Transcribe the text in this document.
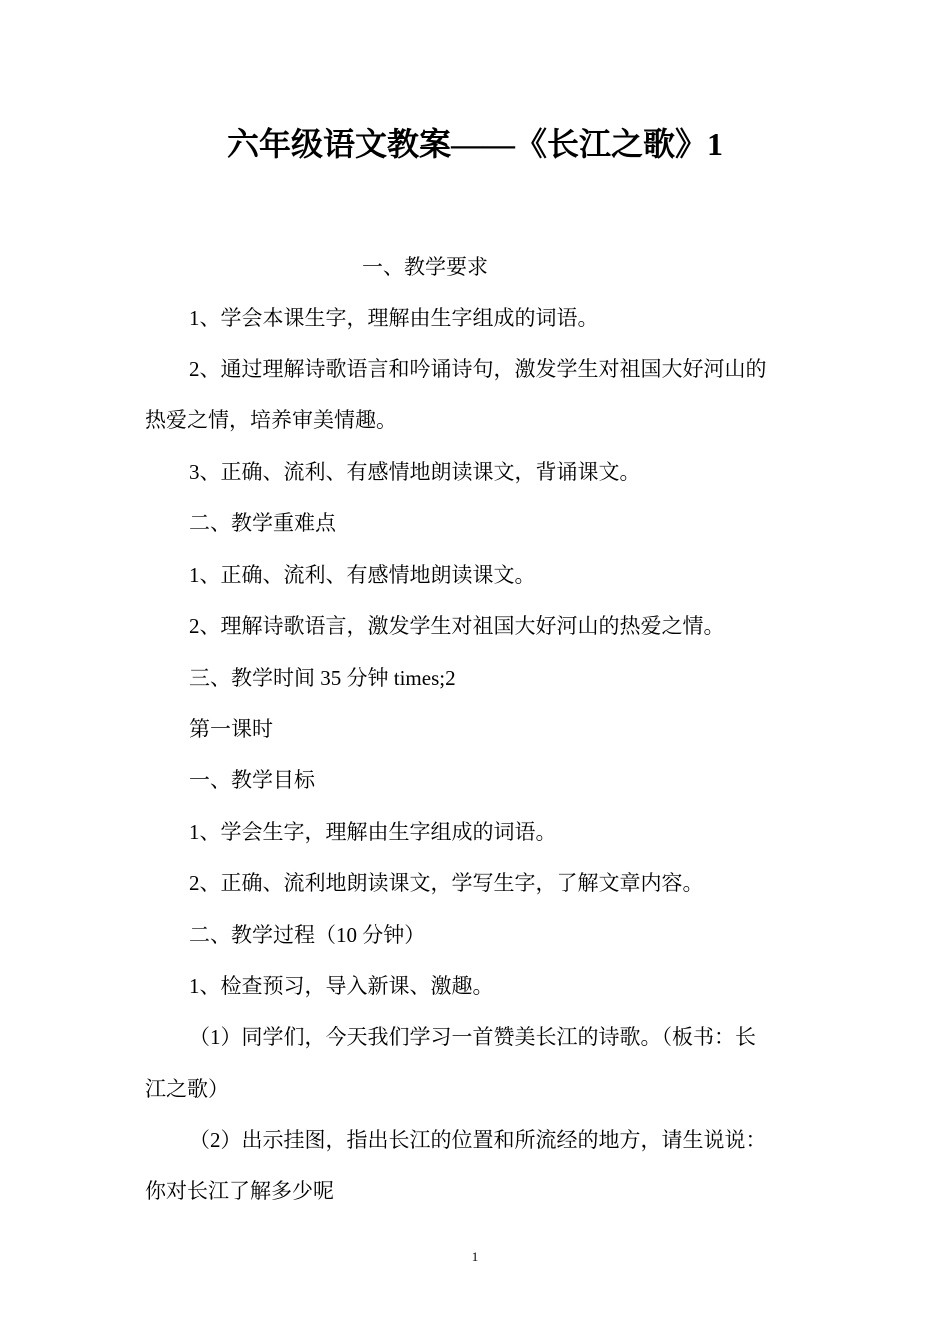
六年级语文教案——《长江之歌》1
一、教学要求
1、学会本课生字，理解由生字组成的词语。
2、通过理解诗歌语言和吟诵诗句，激发学生对祖国大好河山的
热爱之情，培养审美情趣。
3、正确、流利、有感情地朗读课文，背诵课文。
二、教学重难点
1、正确、流利、有感情地朗读课文。
2、理解诗歌语言，激发学生对祖国大好河山的热爱之情。
三、教学时间 35 分钟 times;2
第一课时
一、教学目标
1、学会生字，理解由生字组成的词语。
2、正确、流利地朗读课文，学写生字，了解文章内容。
二、教学过程（10 分钟）
1、检查预习，导入新课、激趣。
（1）同学们，今天我们学习一首赞美长江的诗歌。（板书：长
江之歌）
（2）出示挂图，指出长江的位置和所流经的地方，请生说说：
你对长江了解多少呢
1
